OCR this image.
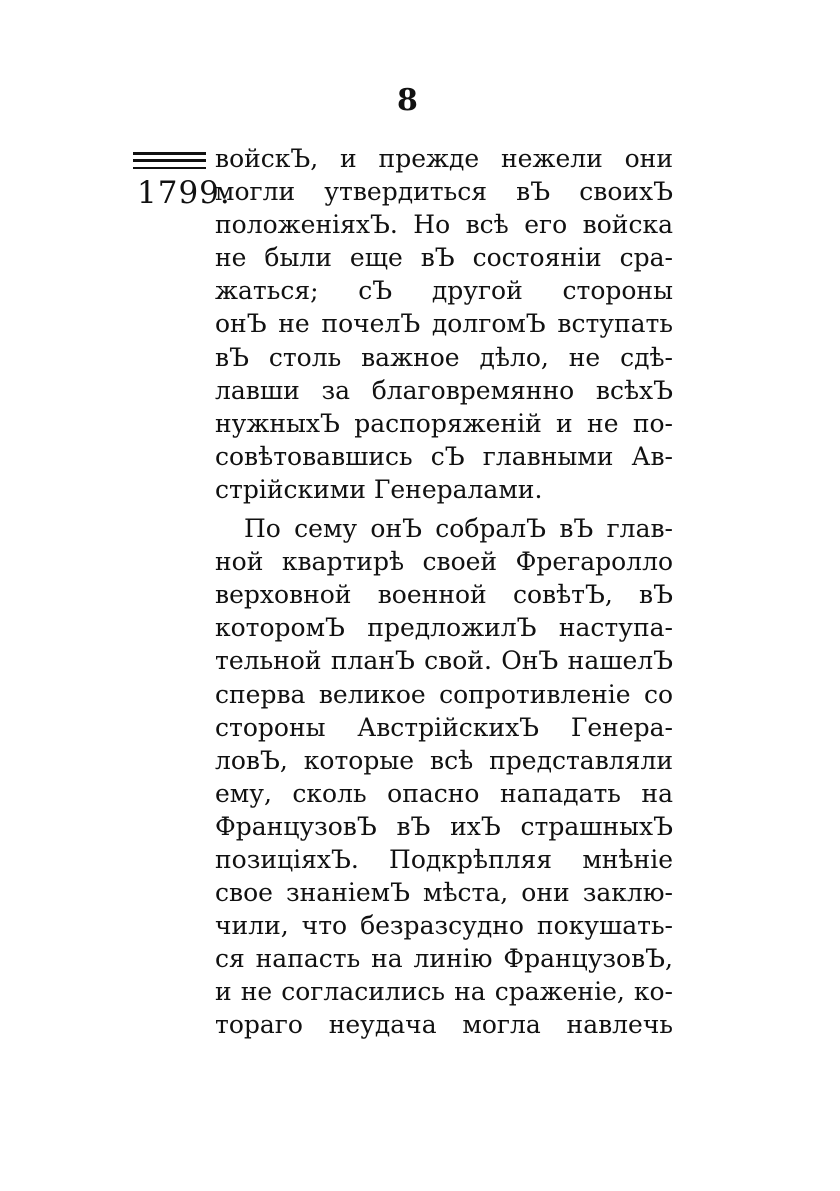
8
1799.
войскЪ, и прежде нежели они
могли утвердиться вЪ своихЪ
положенiяхЪ. Но всѣ его войска
не были еще вЪ состоянiи сра-
жаться; сЪ другой стороны
онЪ не почелЪ долгомЪ вступать
вЪ столь важное дѣло, не сдѣ-
лавши за благовремянно всѣхЪ
нужныхЪ распоряженiй и не по-
совѣтовавшись сЪ главными Ав-
стрiйскими Генералами.
По сему онЪ собралЪ вЪ глав-
ной квартирѣ своей Фрегаролло
верховной военной совѣтЪ, вЪ
которомЪ предложилЪ наступа-
тельной планЪ свой. ОнЪ нашелЪ
сперва великое сопротивленiе со
стороны АвстрiйскихЪ Генера-
ловЪ, которые всѣ представляли
ему, сколь опасно нападать на
ФранцузовЪ вЪ ихЪ страшныхЪ
позицiяхЪ. Подкрѣпляя мнѣнiе
свое знанiемЪ мѣста, они заклю-
чили, что безразсудно покушать-
ся напасть на линiю ФранцузовЪ,
и не согласились на сраженiе, ко-
тораго неудача могла навлечь
